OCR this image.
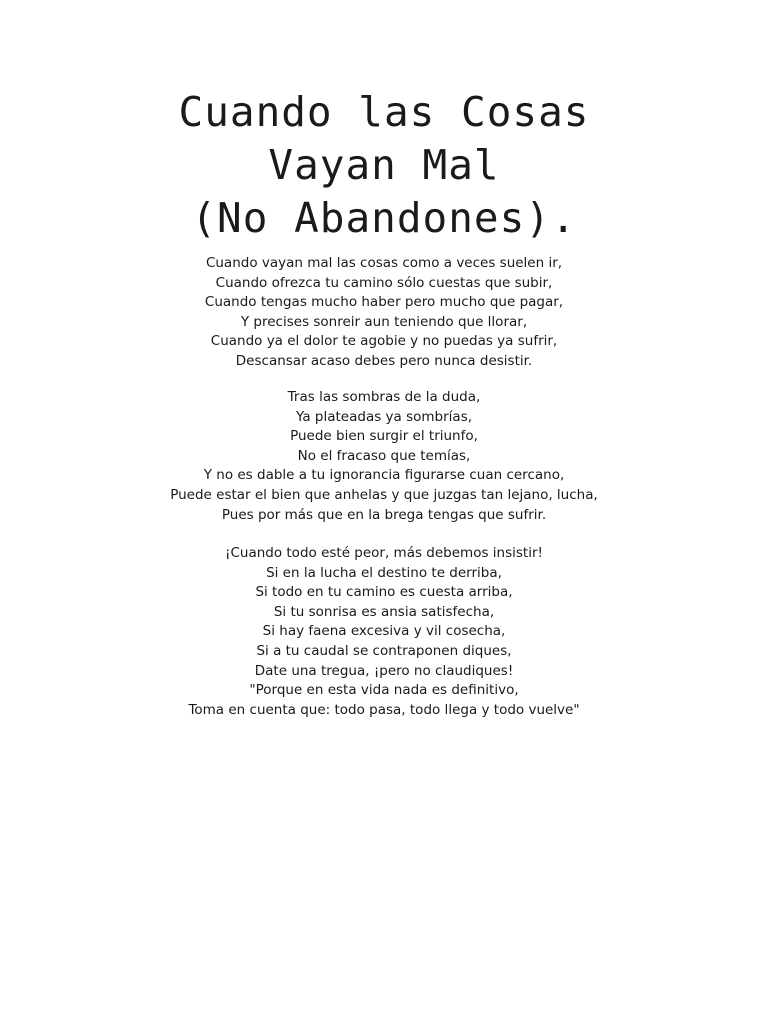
Cuando las Cosas
Vayan Mal
(No Abandones).
Cuando vayan mal las cosas como a veces suelen ir,
Cuando ofrezca tu camino sólo cuestas que subir,
Cuando tengas mucho haber pero mucho que pagar,
Y precises sonreir aun teniendo que llorar,
Cuando ya el dolor te agobie y no puedas ya sufrir,
Descansar acaso debes pero nunca desistir.
Tras las sombras de la duda,
Ya plateadas ya sombrías,
Puede bien surgir el triunfo,
No el fracaso que temías,
Y no es dable a tu ignorancia figurarse cuan cercano,
Puede estar el bien que anhelas y que juzgas tan lejano, lucha,
Pues por más que en la brega tengas que sufrir.
¡Cuando todo esté peor, más debemos insistir!
Si en la lucha el destino te derriba,
Si todo en tu camino es cuesta arriba,
Si tu sonrisa es ansia satisfecha,
Si hay faena excesiva y vil cosecha,
Si a tu caudal se contraponen diques,
Date una tregua, ¡pero no claudiques!
"Porque en esta vida nada es definitivo,
Toma en cuenta que: todo pasa, todo llega y todo vuelve"
